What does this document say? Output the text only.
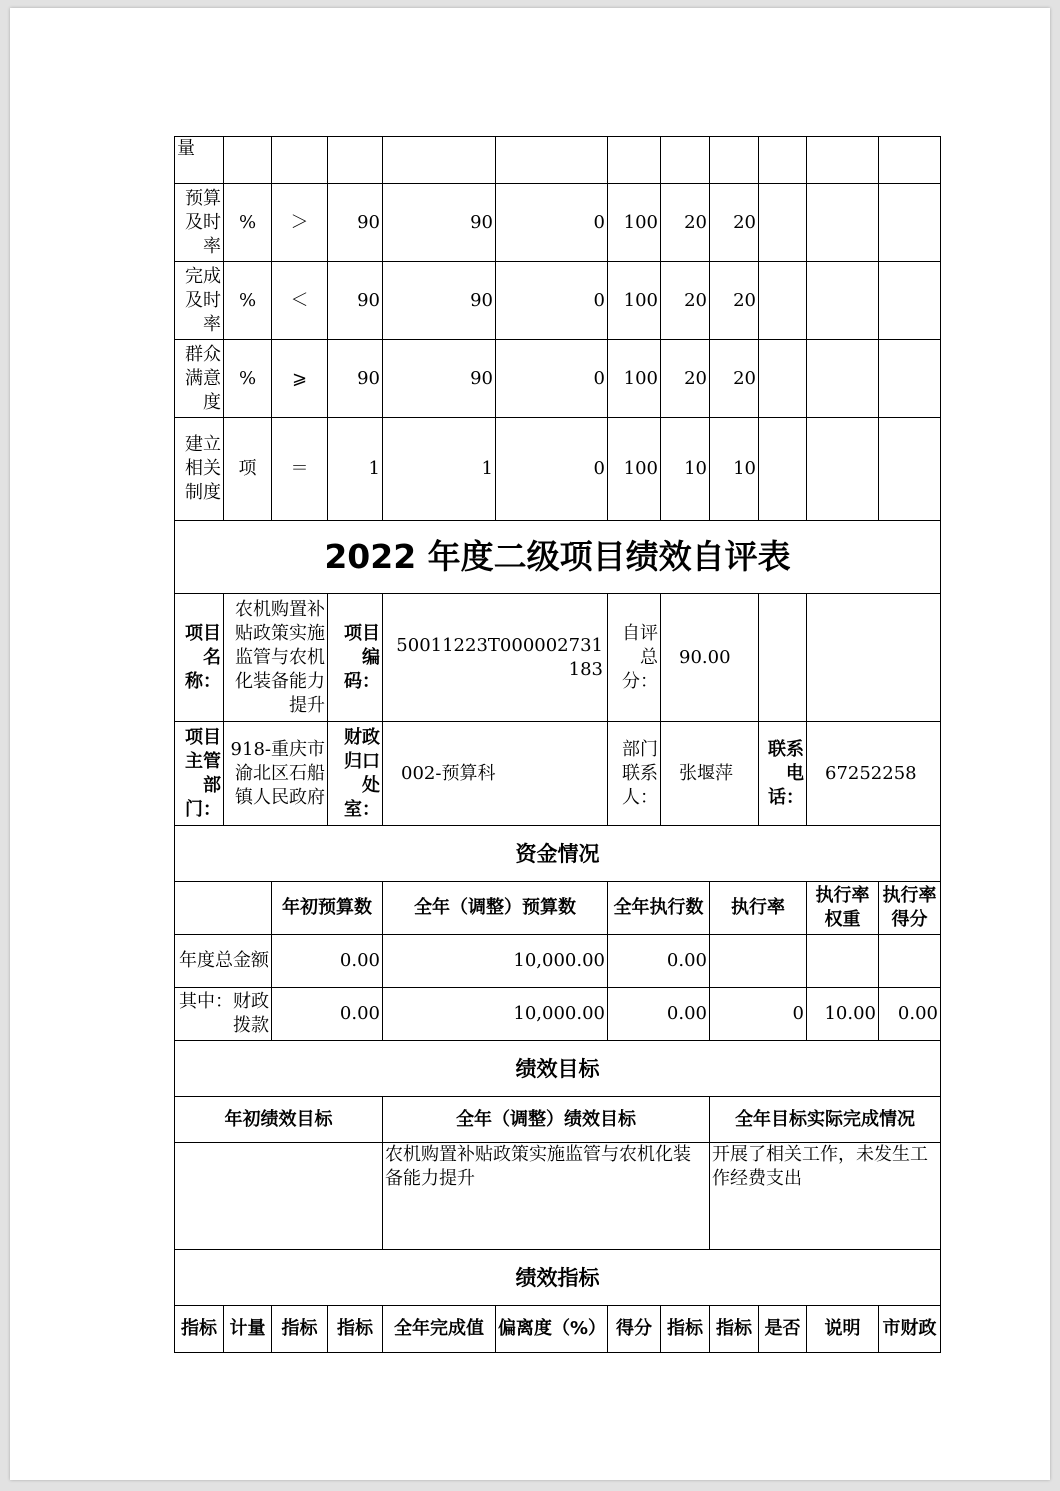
量											
预算及时率	%	＞	90	90	0	100	20	20			
完成及时率	%	＜	90	90	0	100	20	20			
群众满意度	%	⩾	90	90	0	100	20	20			
建立相关制度	项	＝	1	1	0	100	10	10			
2022 年度二级项目绩效自评表											
项目名称：	农机购置补贴政策实施监管与农机化装备能力提升		项目编码：	50011223T000002731183		自评总分：	90.00				
项目主管部门：	918-重庆市渝北区石船镇人民政府		财政归口处室：	002-预算科		部门联系人：	张堰萍		联系电话：	67252258	
资金情况											
		年初预算数		全年（调整）预算数		全年执行数		执行率		执行率权重	执行率得分
年度总金额		0.00		10,000.00		0.00					
其中：财政拨款		0.00		10,000.00		0.00		0		10.00	0.00
绩效目标											
年初绩效目标				全年（调整）绩效目标				全年目标实际完成情况			
				农机购置补贴政策实施监管与农机化装备能力提升				开展了相关工作，未发生工作经费支出			
绩效指标											
指标	计量	指标	指标	全年完成值	偏离度（%）	得分	指标	指标	是否	说明	市财政
